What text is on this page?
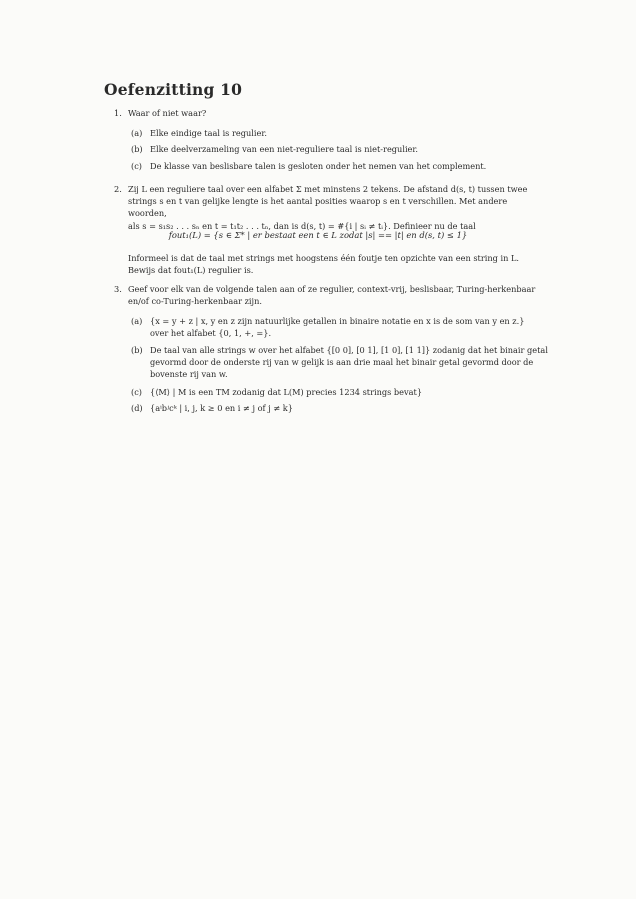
Oefenzitting 10
1. Waar of niet waar?
(a) Elke eindige taal is regulier.
(b) Elke deelverzameling van een niet-reguliere taal is niet-regulier.
(c) De klasse van beslisbare talen is gesloten onder het nemen van het complement.
2. Zij L een reguliere taal over een alfabet Σ met minstens 2 tekens. De afstand d(s, t) tussen twee
strings s en t van gelijke lengte is het aantal posities waarop s en t verschillen. Met andere woorden,
als s = s₁s₂ . . . sₙ en t = t₁t₂ . . . tₙ, dan is d(s, t) = #{i | sᵢ ≠ tᵢ}. Definieer nu de taal
fout₁(L) = {s ∈ Σ* | er bestaat een t ∈ L zodat |s| == |t| en d(s, t) ≤ 1}
Informeel is dat de taal met strings met hoogstens één foutje ten opzichte van een string in L.
Bewijs dat fout₁(L) regulier is.
3. Geef voor elk van de volgende talen aan of ze regulier, context-vrij, beslisbaar, Turing-herkenbaar
en/of co-Turing-herkenbaar zijn.
(a) {x = y + z | x, y en z zijn natuurlijke getallen in binaire notatie en x is de som van y en z.}
over het alfabet {0, 1, +, =}.
(b) De taal van alle strings w over het alfabet {[0 0], [0 1], [1 0], [1 1]} zodanig dat het binair getal
gevormd door de onderste rij van w gelijk is aan drie maal het binair getal gevormd door de
bovenste rij van w.
(c) {⟨M⟩ | M is een TM zodanig dat L(M) precies 1234 strings bevat}
(d) {aⁱbʲcᵏ | i, j, k ≥ 0 en i ≠ j of j ≠ k}
